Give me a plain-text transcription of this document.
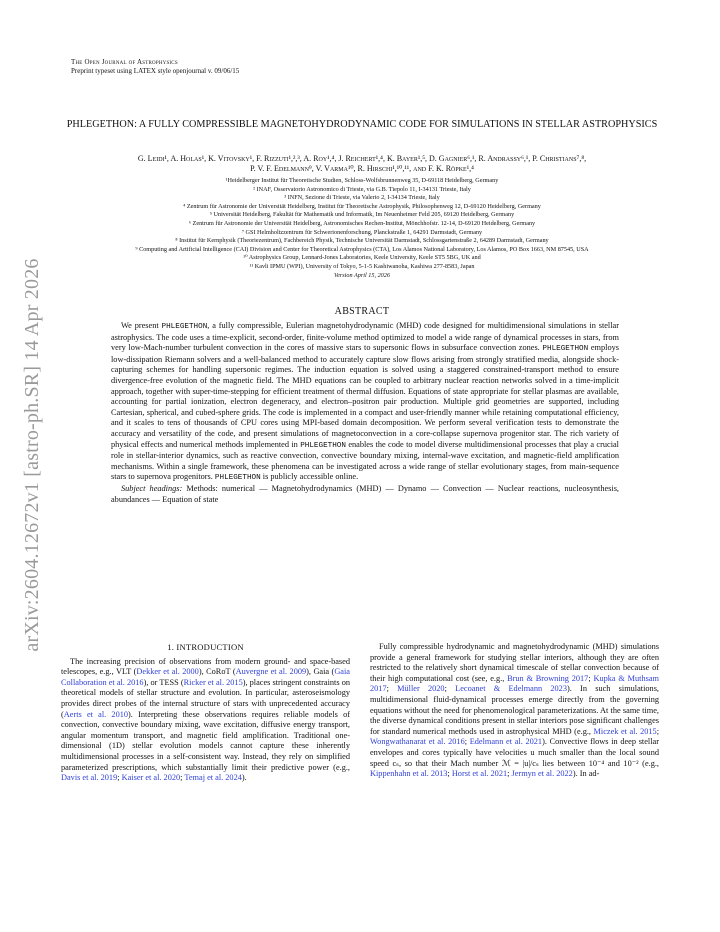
arXiv:2604.12672v1 [astro-ph.SR] 14 Apr 2026
The Open Journal of Astrophysics
Preprint typeset using LATEX style openjournal v. 09/06/15
PHLEGETHON: A FULLY COMPRESSIBLE MAGNETOHYDRODYNAMIC CODE FOR SIMULATIONS IN STELLAR ASTROPHYSICS
G. Leidi¹, A. Holas¹, K. Vitovsky¹, F. Rizzuti¹,²,³, A. Roy¹,⁴, J. Reichert¹,⁴, K. Bayer¹,⁵, D. Gagnier⁶,¹, R. Andrassy⁶,¹, P. Christians⁷,⁸,
P. V. F. Edelmann⁹, V. Varma¹⁰, R. Hirschi¹,¹⁰,¹¹, and F. K. Röpke¹,⁴
¹Heidelberger Institut für Theoretische Studien, Schloss-Wolfsbrunnenweg 35, D-69118 Heidelberg, Germany
² INAF, Osservatorio Astronomico di Trieste, via G.B. Tiepolo 11, I-34131 Trieste, Italy
³ INFN, Sezione di Trieste, via Valerio 2, I-34134 Trieste, Italy
⁴ Zentrum für Astronomie der Universität Heidelberg, Institut für Theoretische Astrophysik, Philosophenweg 12, D-69120 Heidelberg, Germany
⁵ Universität Heidelberg, Fakultät für Mathematik und Informatik, Im Neuenheimer Feld 205, 69120 Heidelberg, Germany
⁶ Zentrum für Astronomie der Universität Heidelberg, Astronomisches Rechen-Institut, Mönchhofstr. 12-14, D-69120 Heidelberg, Germany
⁷ GSI Helmholtzzentrum für Schwerionenforschung, Planckstraße 1, 64291 Darmstadt, Germany
⁸ Institut für Kernphysik (Theoriezentrum), Fachbereich Physik, Technische Universität Darmstadt, Schlossgartenstraße 2, 64289 Darmstadt, Germany
⁹ Computing and Artificial Intelligence (CAI) Division and Center for Theoretical Astrophysics (CTA), Los Alamos National Laboratory, Los Alamos, PO Box 1663, NM 87545, USA
¹⁰ Astrophysics Group, Lennard-Jones Laboratories, Keele University, Keele ST5 5BG, UK and
¹¹ Kavli IPMU (WPI), University of Tokyo, 5-1-5 Kashiwanoha, Kashiwa 277-8583, Japan
Version April 15, 2026
ABSTRACT

We present PHLEGETHON, a fully compressible, Eulerian magnetohydrodynamic (MHD) code designed for multidimensional simulations in stellar astrophysics. The code uses a time-explicit, second-order, finite-volume method optimized to model a wide range of dynamical processes in stars, from very low-Mach-number turbulent convection in the cores of massive stars to supersonic flows in subsurface convection zones. PHLEGETHON employs low-dissipation Riemann solvers and a well-balanced method to accurately capture slow flows arising from strongly stratified media, alongside shock-capturing schemes for handling supersonic regimes. The induction equation is solved using a staggered constrained-transport method to ensure divergence-free evolution of the magnetic field. The MHD equations can be coupled to arbitrary nuclear reaction networks solved in a time-implicit approach, together with super-time-stepping for efficient treatment of thermal diffusion. Equations of state appropriate for stellar plasmas are available, accounting for partial ionization, electron degeneracy, and electron–positron pair production. Multiple grid geometries are supported, including Cartesian, spherical, and cubed-sphere grids. The code is implemented in a compact and user-friendly manner while retaining computational efficiency, and it scales to tens of thousands of CPU cores using MPI-based domain decomposition. We perform several verification tests to demonstrate the accuracy and versatility of the code, and present simulations of magnetoconvection in a core-collapse supernova progenitor star. The rich variety of physical effects and numerical methods implemented in PHLEGETHON enables the code to model diverse multidimensional processes that play a crucial role in stellar-interior dynamics, such as reactive convection, convective boundary mixing, internal-wave excitation, and magnetic-field amplification mechanisms. Within a single framework, these phenomena can be investigated across a wide range of stellar evolutionary stages, from main-sequence stars to supernova progenitors. PHLEGETHON is publicly accessible online.

Subject headings: Methods: numerical — Magnetohydrodynamics (MHD) — Dynamo — Convection — Nuclear reactions, nucleosynthesis, abundances — Equation of state

1. INTRODUCTION

The increasing precision of observations from modern ground- and space-based telescopes, e.g., VLT (Dekker et al. 2000), CoRoT (Auvergne et al. 2009), Gaia (Gaia Collaboration et al. 2016), or TESS (Ricker et al. 2015), places stringent constraints on theoretical models of stellar structure and evolution. In particular, asteroseismology provides direct probes of the internal structure of stars with unprecedented accuracy (Aerts et al. 2010). Interpreting these observations requires reliable models of convection, convective boundary mixing, wave excitation, diffusive energy transport, angular momentum transport, and magnetic field amplification. Traditional one-dimensional (1D) stellar evolution models cannot capture these inherently multidimensional processes in a self-consistent way. Instead, they rely on simplified parameterized prescriptions, which substantially limit their predictive power (e.g., Davis et al. 2019; Kaiser et al. 2020; Temaj et al. 2024).

Fully compressible hydrodynamic and magnetohydrodynamic (MHD) simulations provide a general framework for studying stellar interiors, although they are often restricted to the relatively short dynamical timescale of stellar convection because of their high computational cost (see, e.g., Brun & Browning 2017; Kupka & Muthsam 2017; Müller 2020; Lecoanet & Edelmann 2023). In such simulations, multidimensional fluid-dynamical processes emerge directly from the governing equations without the need for phenomenological parameterizations. At the same time, the diverse dynamical conditions present in stellar interiors pose significant challenges for standard numerical methods used in astrophysical MHD (e.g., Miczek et al. 2015; Wongwathanarat et al. 2016; Edelmann et al. 2021). Convective flows in deep stellar envelopes and cores typically have velocities u much smaller than the local sound speed cₛ, so that their Mach number ℳ = |u|/cₛ lies between 10⁻⁴ and 10⁻² (e.g., Kippenhahn et al. 2013; Horst et al. 2021; Jermyn et al. 2022). In ad-
